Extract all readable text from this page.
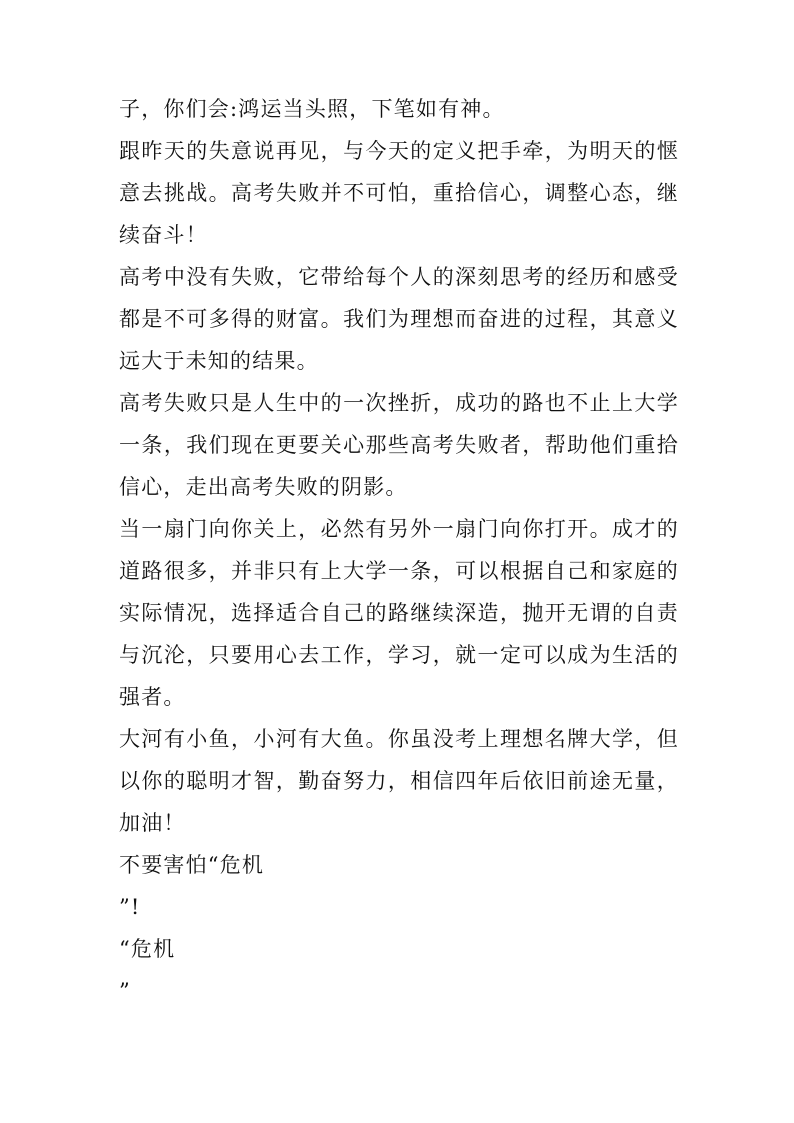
子，你们会:鸿运当头照，下笔如有神。

跟昨天的失意说再见，与今天的定义把手牵，为明天的惬意去挑战。高考失败并不可怕，重拾信心，调整心态，继续奋斗！

高考中没有失败，它带给每个人的深刻思考的经历和感受都是不可多得的财富。我们为理想而奋进的过程，其意义远大于未知的结果。

高考失败只是人生中的一次挫折，成功的路也不止上大学一条，我们现在更要关心那些高考失败者，帮助他们重拾信心，走出高考失败的阴影。

当一扇门向你关上，必然有另外一扇门向你打开。成才的道路很多，并非只有上大学一条，可以根据自己和家庭的实际情况，选择适合自己的路继续深造，抛开无谓的自责与沉沦，只要用心去工作，学习，就一定可以成为生活的强者。

大河有小鱼，小河有大鱼。你虽没考上理想名牌大学，但以你的聪明才智，勤奋努力，相信四年后依旧前途无量，加油！

不要害怕“危机

”!

“危机

”
